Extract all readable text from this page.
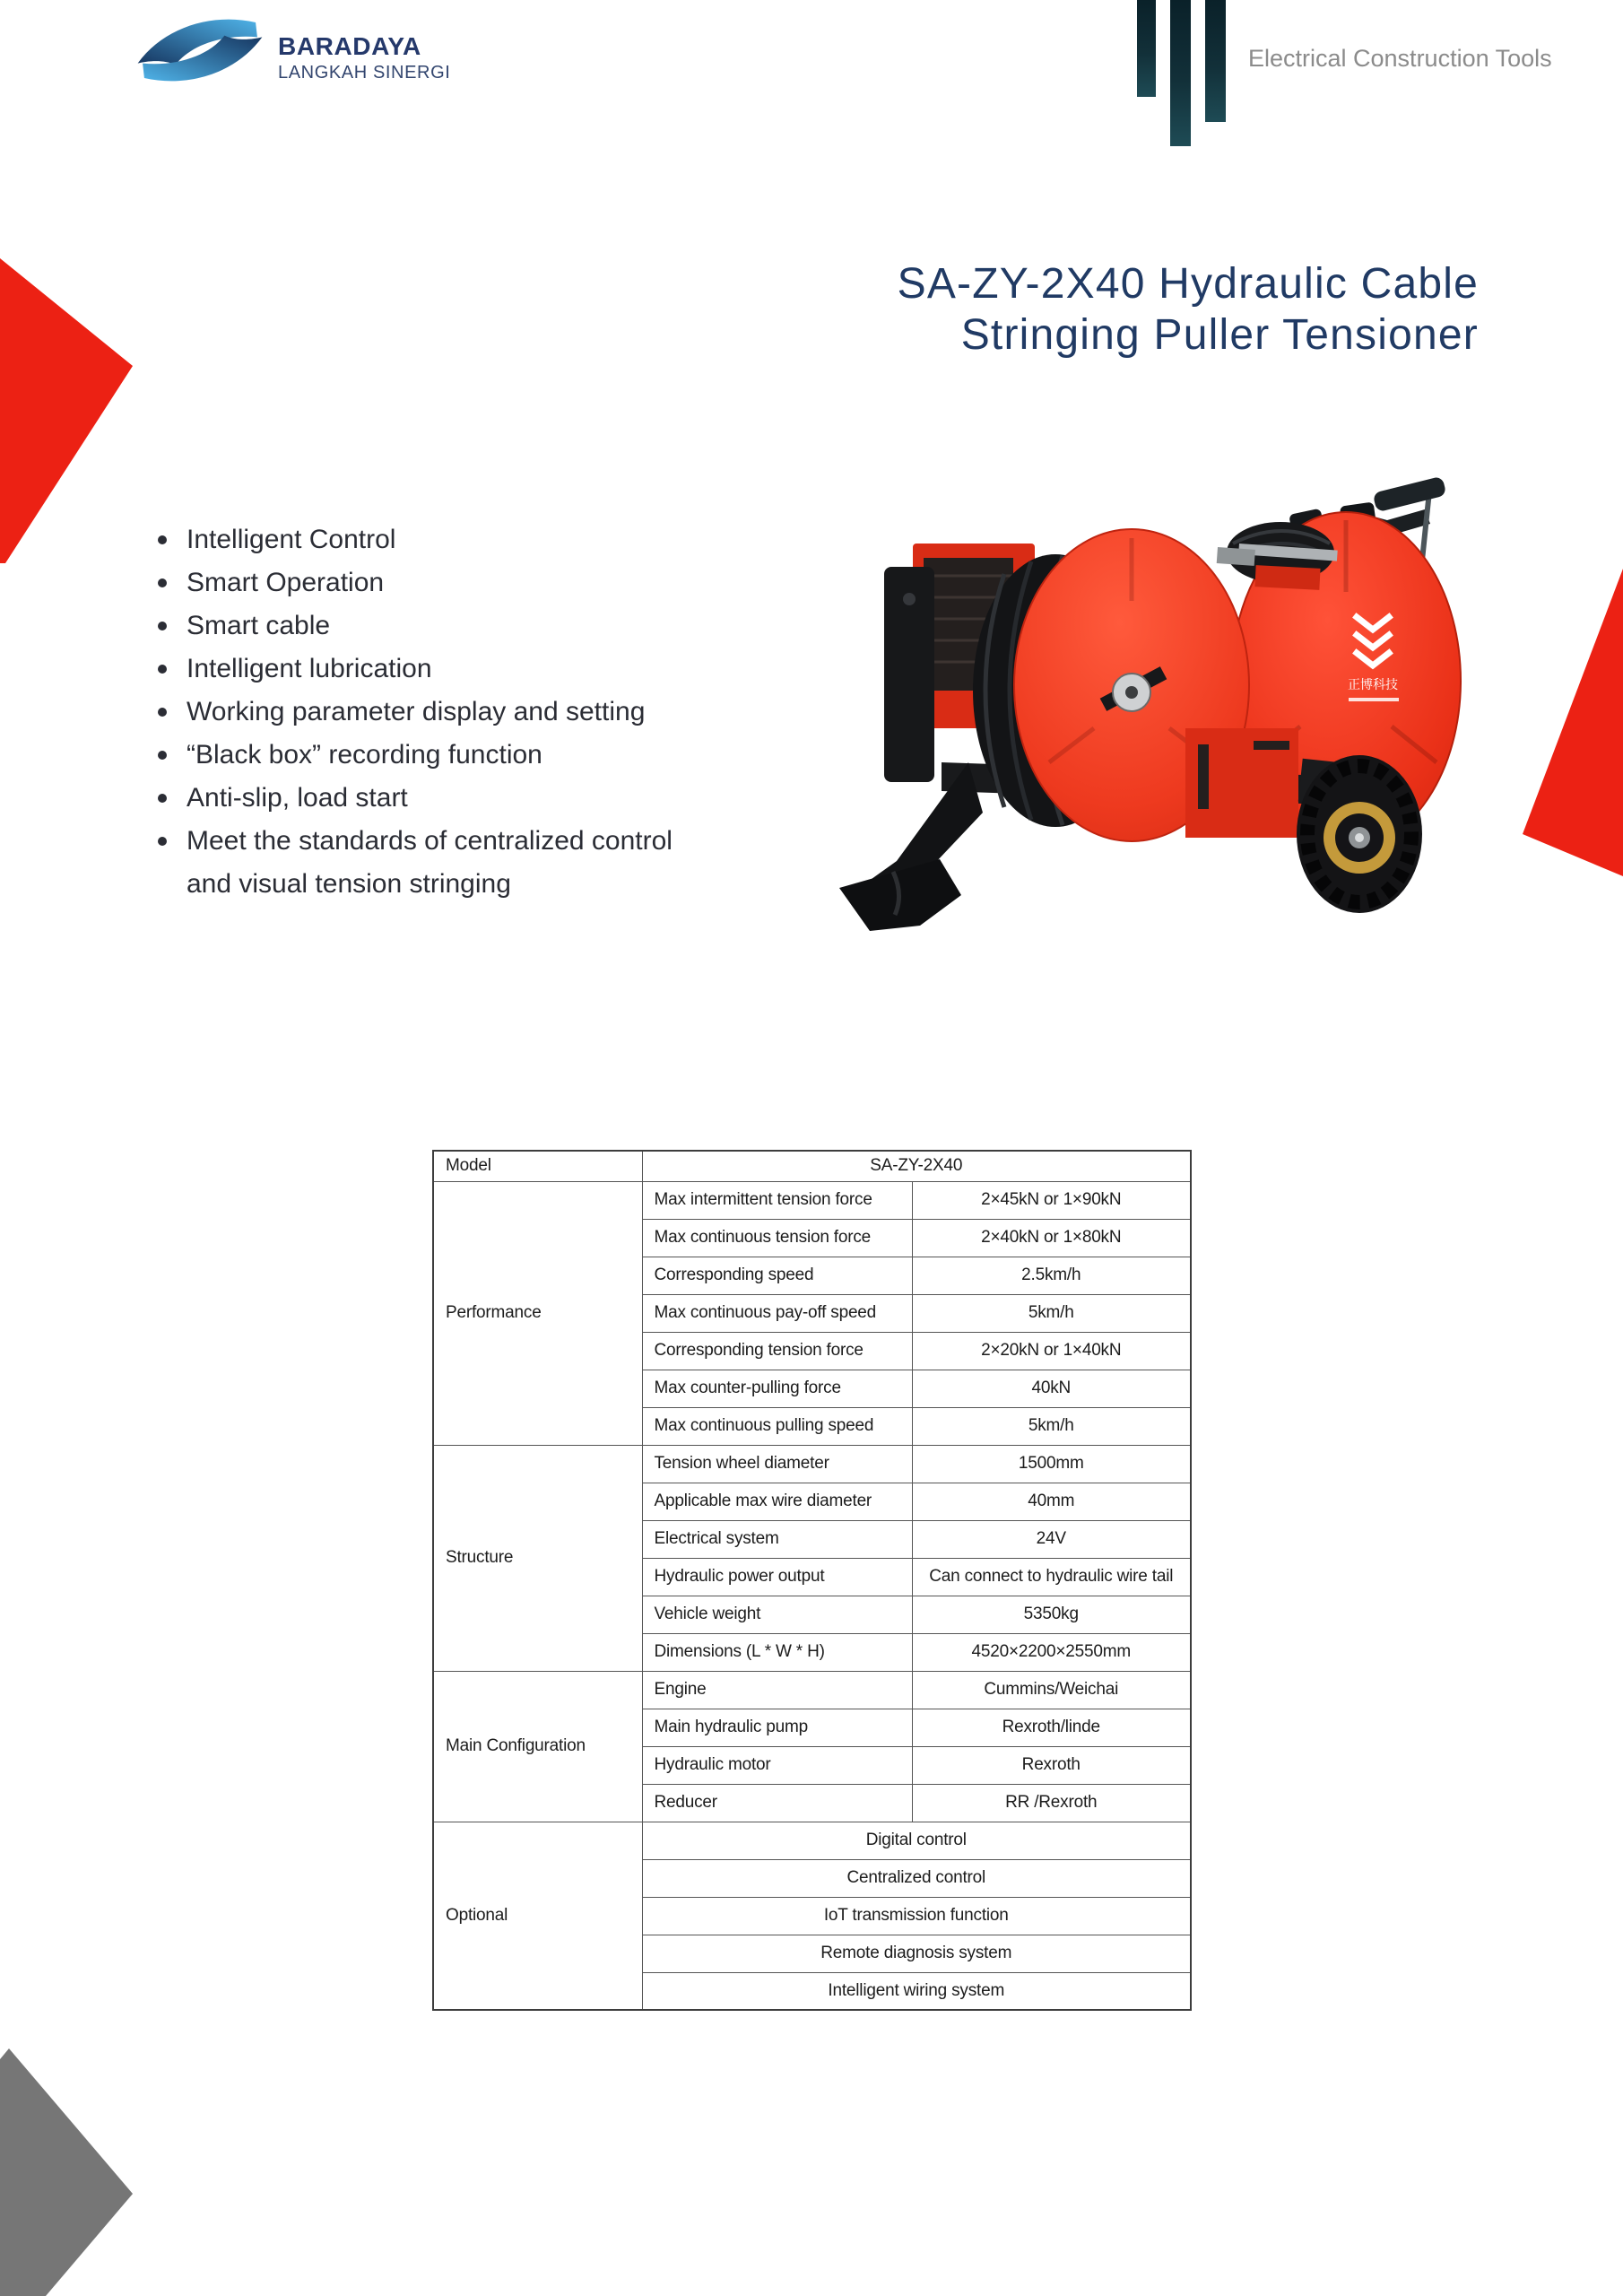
BARADAYA
LANGKAH SINERGI
Electrical Construction Tools
SA-ZY-2X40 Hydraulic Cable
Stringing Puller Tensioner
Intelligent Control
Smart Operation
Smart cable
Intelligent lubrication
Working parameter display and setting
“Black box” recording function
Anti-slip, load start
Meet the standards of centralized control and visual tension stringing
正博科技
Model	SA-ZY-2X40	
Performance	Max intermittent tension force	2×45kN or 1×90kN
	Max continuous tension force	2×40kN or 1×80kN
	Corresponding speed	2.5km/h
	Max continuous pay-off speed	5km/h
	Corresponding tension force	2×20kN or 1×40kN
	Max counter-pulling force	40kN
	Max continuous pulling speed	5km/h
Structure	Tension wheel diameter	1500mm
	Applicable max wire diameter	40mm
	Electrical system	24V
	Hydraulic power output	Can connect to hydraulic wire tail
	Vehicle weight	5350kg
	Dimensions (L * W * H)	4520×2200×2550mm
Main Configuration	Engine	Cummins/Weichai
	Main hydraulic pump	Rexroth/linde
	Hydraulic motor	Rexroth
	Reducer	RR /Rexroth
Optional	Digital control	
	Centralized control	
	IoT transmission function	
	Remote diagnosis system	
	Intelligent wiring system	
